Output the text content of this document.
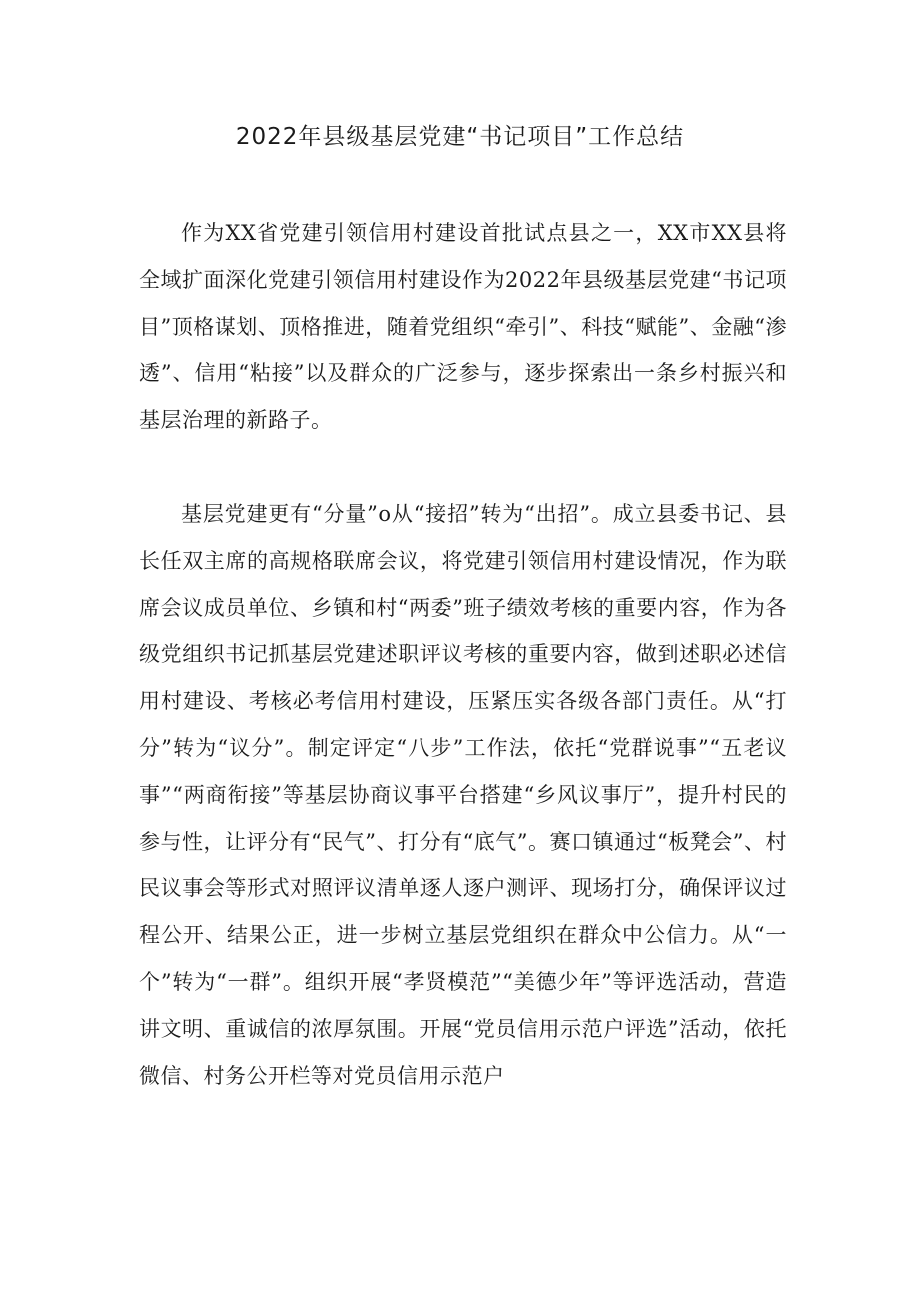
2022年县级基层党建“书记项目”工作总结

作为XX省党建引领信用村建设首批试点县之一，XX市XX县将全域扩面深化党建引领信用村建设作为2022年县级基层党建“书记项目”顶格谋划、顶格推进，随着党组织“牵引”、科技“赋能”、金融“渗透”、信用“粘接”以及群众的广泛参与，逐步探索出一条乡村振兴和基层治理的新路子。

基层党建更有“分量”o从“接招”转为“出招”。成立县委书记、县长任双主席的高规格联席会议，将党建引领信用村建设情况，作为联席会议成员单位、乡镇和村“两委”班子绩效考核的重要内容，作为各级党组织书记抓基层党建述职评议考核的重要内容，做到述职必述信用村建设、考核必考信用村建设，压紧压实各级各部门责任。从“打分”转为“议分”。制定评定“八步”工作法，依托“党群说事”“五老议事”“两商衔接”等基层协商议事平台搭建“乡风议事厅”，提升村民的参与性，让评分有“民气”、打分有“底气”。赛口镇通过“板凳会”、村民议事会等形式对照评议清单逐人逐户测评、现场打分，确保评议过程公开、结果公正，进一步树立基层党组织在群众中公信力。从“一个”转为“一群”。组织开展“孝贤模范”“美德少年”等评选活动，营造讲文明、重诚信的浓厚氛围。开展“党员信用示范户评选”活动，依托微信、村务公开栏等对党员信用示范户
